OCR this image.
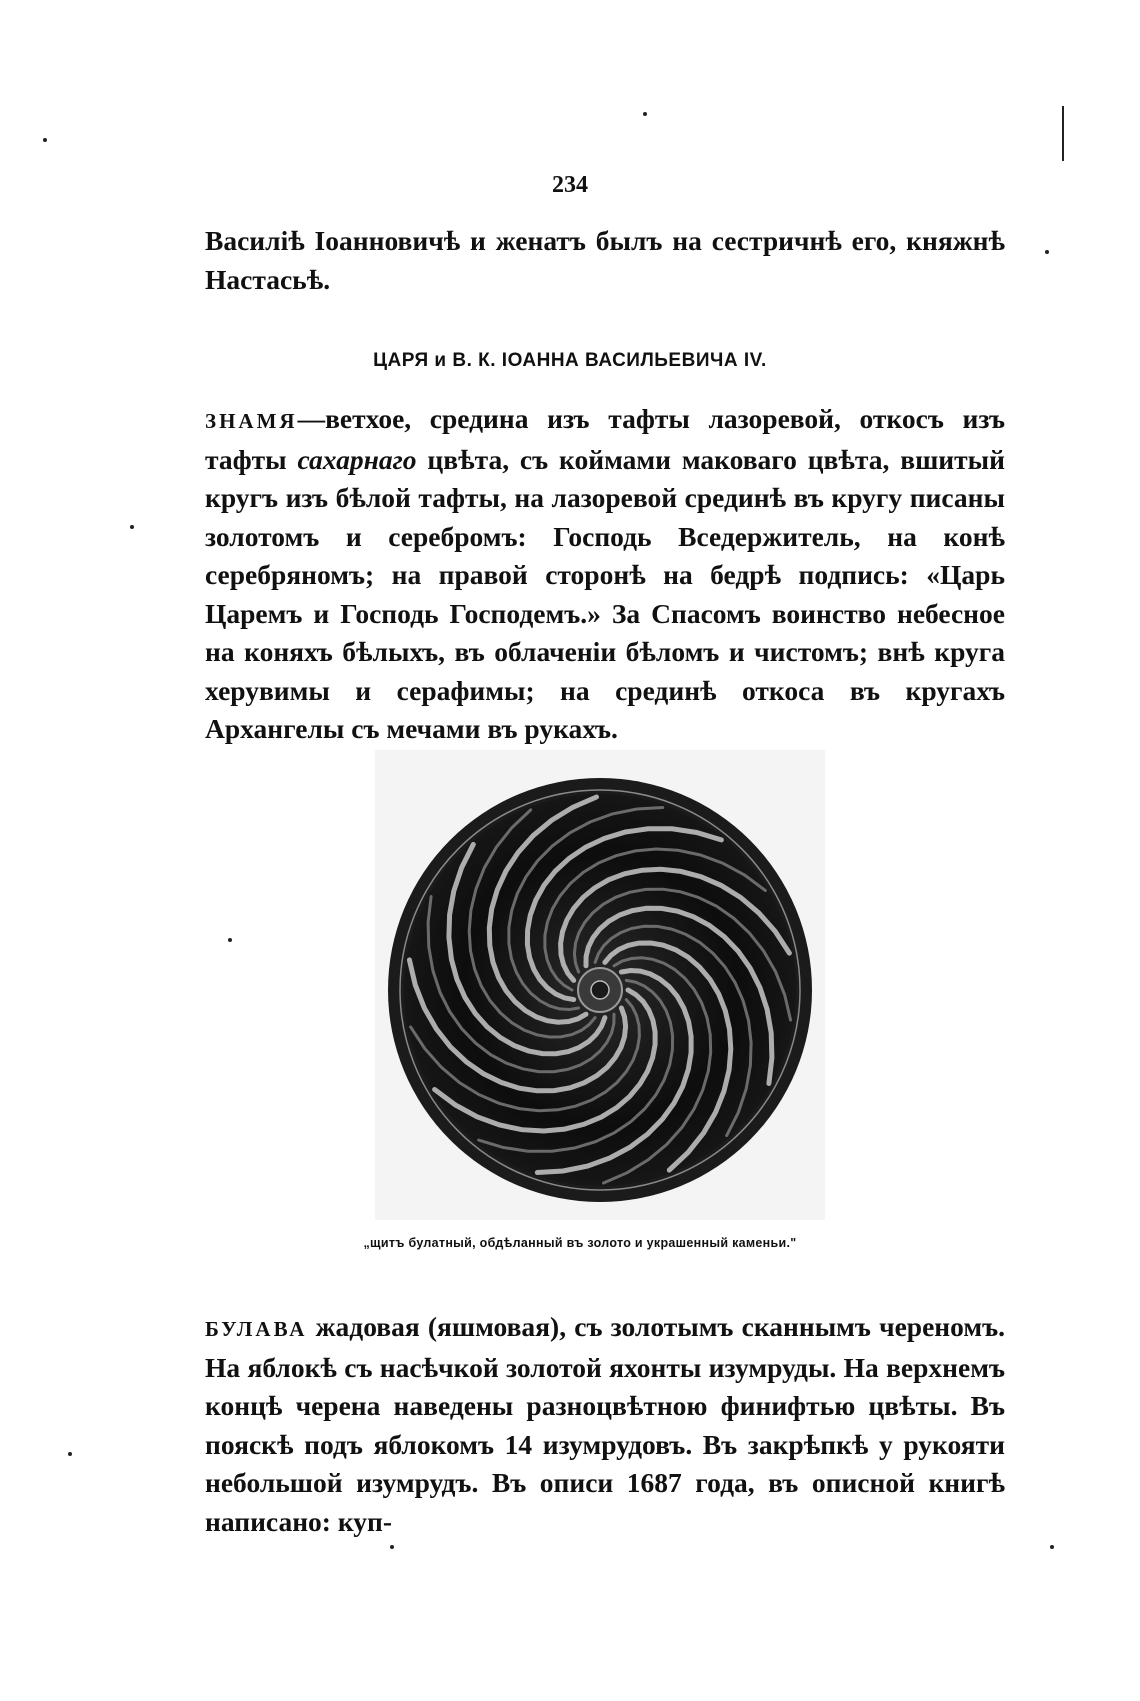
234

Василiѣ Iоанновичѣ и женатъ былъ на сестричнѣ его, княжнѣ Настасьѣ.

ЦАРЯ и В. К. IОАННА ВАСИЛЬЕВИЧА IV.

ЗНАМЯ—ветхое, средина изъ тафты лазоревой, откосъ изъ тафты сахарнаго цвѣта, съ коймами маковаго цвѣта, вшитый кругъ изъ бѣлой тафты, на лазоревой срединѣ въ кругу писаны золотомъ и серебромъ: Господь Вседержитель, на конѣ серебряномъ; на правой сторонѣ на бедрѣ подпись: «Царь Царемъ и Господь Господемъ.» За Спасомъ воинство небесное на коняхъ бѣлыхъ, въ облаченiи бѣломъ и чистомъ; внѣ круга херувимы и серафимы; на срединѣ откоса въ кругахъ Архангелы съ мечами въ рукахъ.

„щитъ булатный, обдѣланный въ золото и украшенный каменьи."

БУЛАВА жадовая (яшмовая), съ золотымъ сканнымъ череномъ. На яблокѣ съ насѣчкой золотой яхонты изумруды. На верхнемъ концѣ черена наведены разноцвѣтною финифтью цвѣты. Въ пояскѣ подъ яблокомъ 14 изумрудовъ. Въ закрѣпкѣ у рукояти небольшой изумрудъ. Въ описи 1687 года, въ описной книгѣ написано: куп-
